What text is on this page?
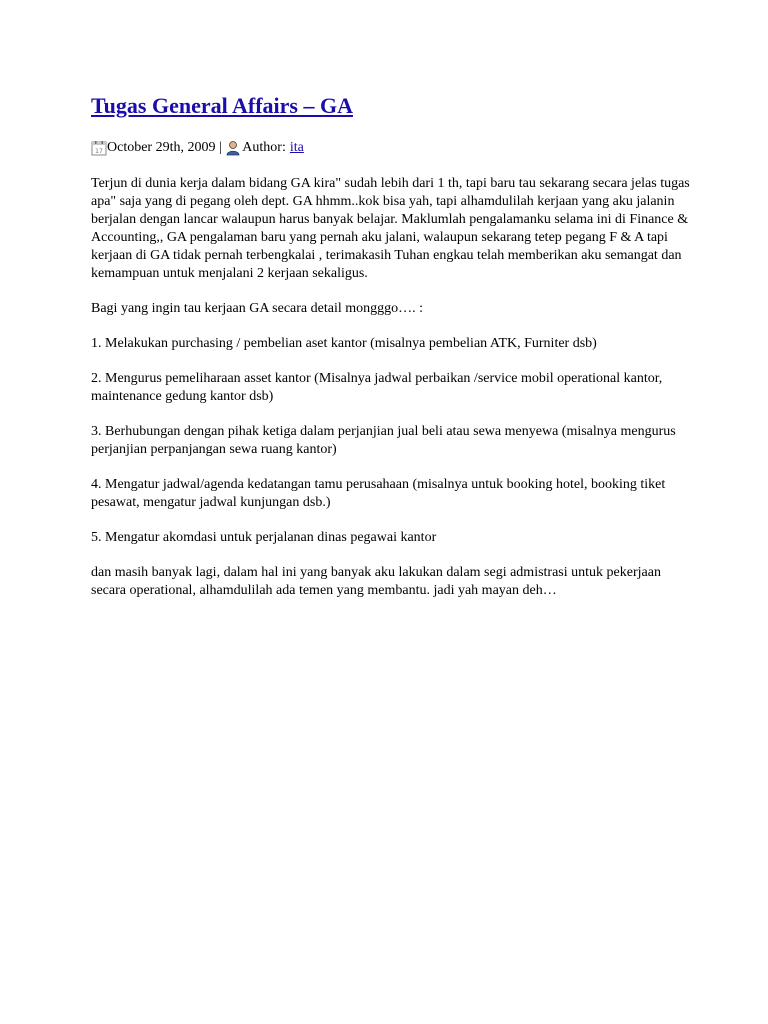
Tugas General Affairs – GA
17 October 29th, 2009 | Author: ita

Terjun di dunia kerja dalam bidang GA kira" sudah lebih dari 1 th, tapi baru tau sekarang secara jelas tugas apa" saja yang di pegang oleh dept. GA hhmm..kok bisa yah, tapi alhamdulilah kerjaan yang aku jalanin berjalan dengan lancar walaupun harus banyak belajar. Maklumlah pengalamanku selama ini di Finance & Accounting,, GA pengalaman baru yang pernah aku jalani, walaupun sekarang tetep pegang F & A tapi kerjaan di GA tidak pernah terbengkalai , terimakasih Tuhan engkau telah memberikan aku semangat dan kemampuan untuk menjalani 2 kerjaan sekaligus.

Bagi yang ingin tau kerjaan GA secara detail mongggo…. :

1. Melakukan purchasing / pembelian aset kantor (misalnya pembelian ATK, Furniter dsb)

2. Mengurus pemeliharaan asset kantor (Misalnya jadwal perbaikan /service mobil operational kantor, maintenance gedung kantor dsb)

3. Berhubungan dengan pihak ketiga dalam perjanjian jual beli atau sewa menyewa (misalnya mengurus perjanjian perpanjangan sewa ruang kantor)

4. Mengatur jadwal/agenda kedatangan tamu perusahaan (misalnya untuk booking hotel, booking tiket pesawat, mengatur jadwal kunjungan dsb.)

5. Mengatur akomdasi untuk perjalanan dinas pegawai kantor

dan masih banyak lagi, dalam hal ini yang banyak aku lakukan dalam segi admistrasi untuk pekerjaan secara operational, alhamdulilah ada temen yang membantu. jadi yah mayan deh…
